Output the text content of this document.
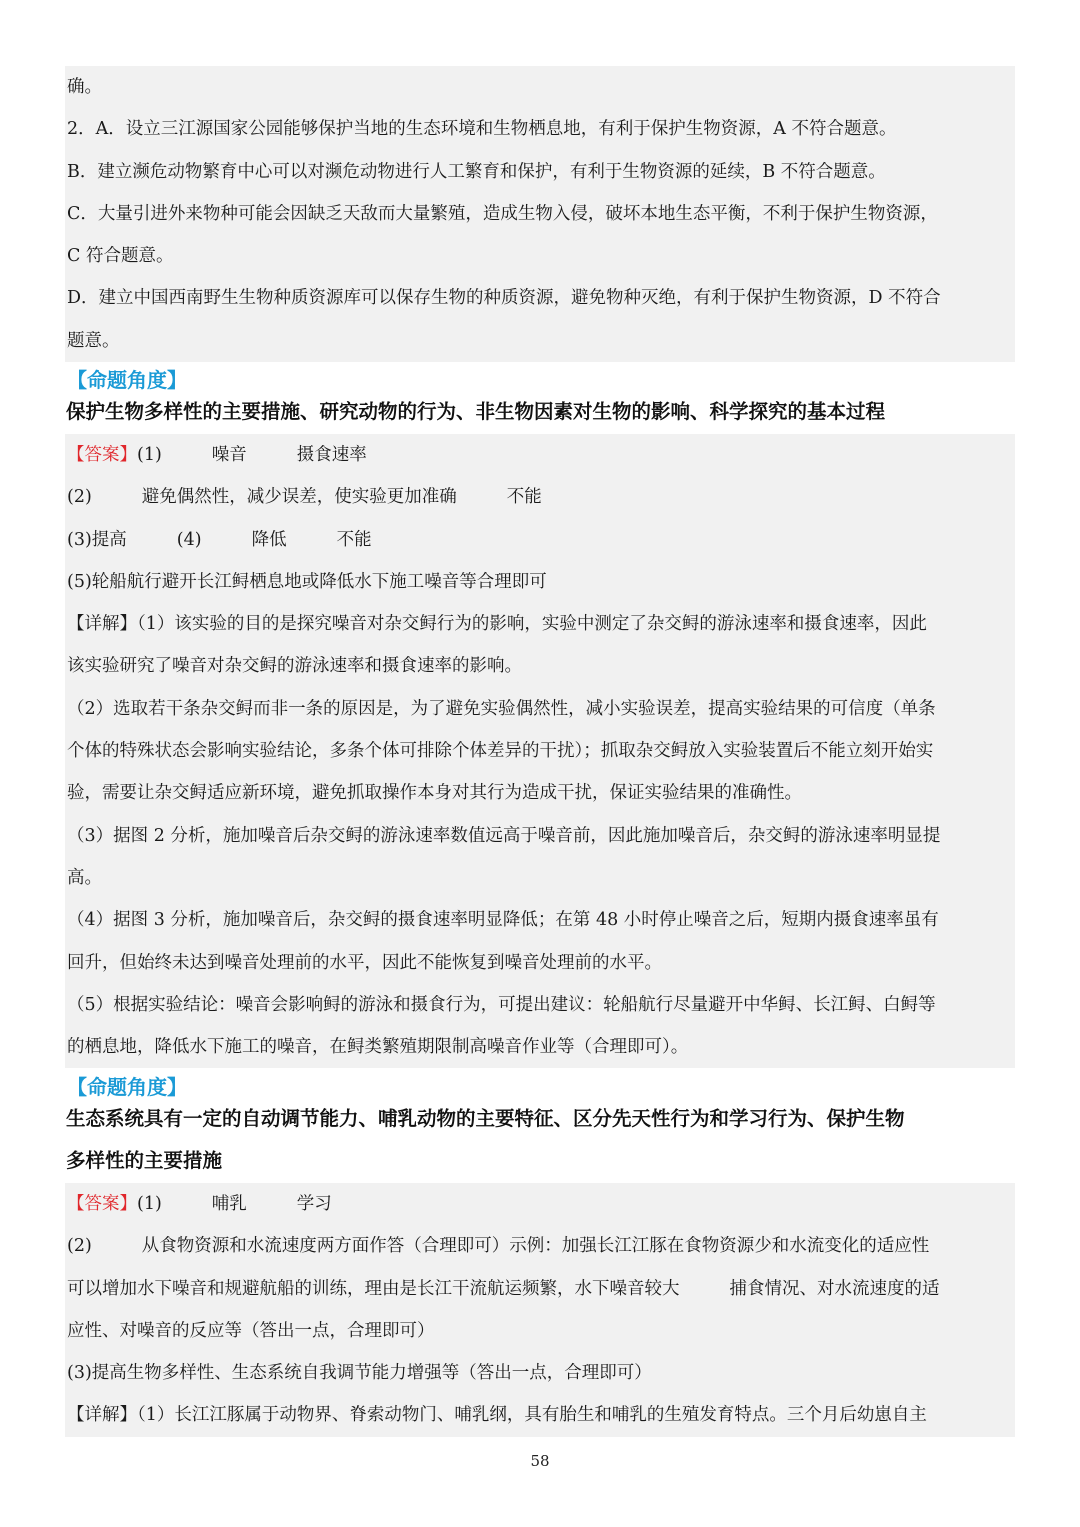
确。
2．A．设立三江源国家公园能够保护当地的生态环境和生物栖息地，有利于保护生物资源，A 不符合题意。
B．建立濒危动物繁育中心可以对濒危动物进行人工繁育和保护，有利于生物资源的延续，B 不符合题意。
C．大量引进外来物种可能会因缺乏天敌而大量繁殖，造成生物入侵，破坏本地生态平衡，不利于保护生物资源，
C 符合题意。
D．建立中国西南野生生物种质资源库可以保存生物的种质资源，避免物种灭绝，有利于保护生物资源，D 不符合
题意。
【命题角度】
保护生物多样性的主要措施、研究动物的行为、非生物因素对生物的影响、科学探究的基本过程
【答案】(1)	噪音	摄食速率
(2)	避免偶然性，减少误差，使实验更加准确	不能
(3)提高	(4)	降低	不能
(5)轮船航行避开长江鲟栖息地或降低水下施工噪音等合理即可
【详解】（1）该实验的目的是探究噪音对杂交鲟行为的影响，实验中测定了杂交鲟的游泳速率和摄食速率，因此
该实验研究了噪音对杂交鲟的游泳速率和摄食速率的影响。
（2）选取若干条杂交鲟而非一条的原因是，为了避免实验偶然性，减小实验误差，提高实验结果的可信度（单条
个体的特殊状态会影响实验结论，多条个体可排除个体差异的干扰）；抓取杂交鲟放入实验装置后不能立刻开始实
验，需要让杂交鲟适应新环境，避免抓取操作本身对其行为造成干扰，保证实验结果的准确性。
（3）据图 2 分析，施加噪音后杂交鲟的游泳速率数值远高于噪音前，因此施加噪音后，杂交鲟的游泳速率明显提
高。
（4）据图 3 分析，施加噪音后，杂交鲟的摄食速率明显降低；在第 48 小时停止噪音之后，短期内摄食速率虽有
回升，但始终未达到噪音处理前的水平，因此不能恢复到噪音处理前的水平。
（5）根据实验结论：噪音会影响鲟的游泳和摄食行为，可提出建议：轮船航行尽量避开中华鲟、长江鲟、白鲟等
的栖息地，降低水下施工的噪音，在鲟类繁殖期限制高噪音作业等（合理即可）。
【命题角度】
生态系统具有一定的自动调节能力、哺乳动物的主要特征、区分先天性行为和学习行为、保护生物
多样性的主要措施
【答案】(1)	哺乳	学习
(2)	从食物资源和水流速度两方面作答（合理即可）示例：加强长江江豚在食物资源少和水流变化的适应性
可以增加水下噪音和规避航船的训练，理由是长江干流航运频繁，水下噪音较大	捕食情况、对水流速度的适
应性、对噪音的反应等（答出一点，合理即可）
(3)提高生物多样性、生态系统自我调节能力增强等（答出一点，合理即可）
【详解】（1）长江江豚属于动物界、脊索动物门、哺乳纲，具有胎生和哺乳的生殖发育特点。三个月后幼崽自主
58
